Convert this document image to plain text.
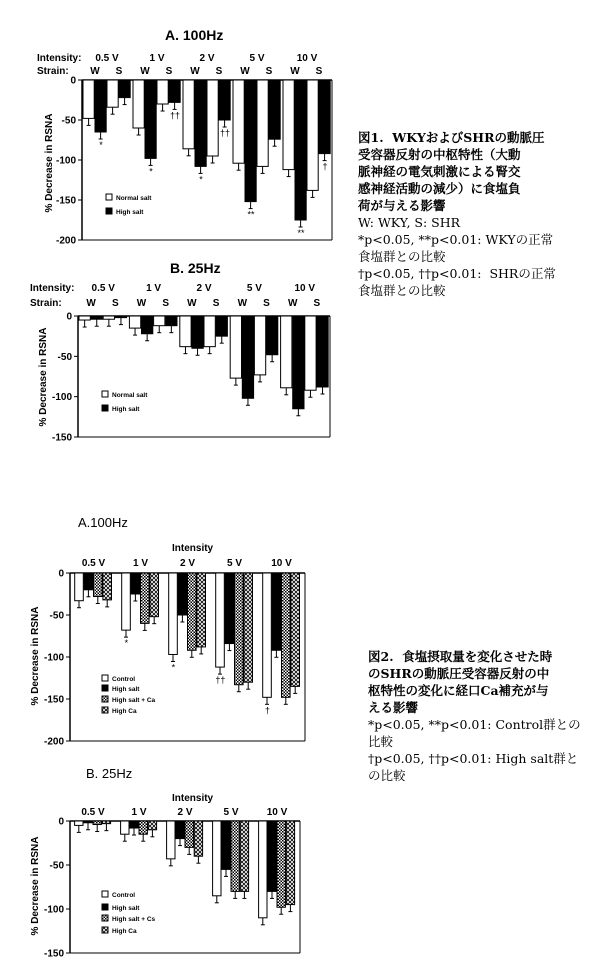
A. 100Hz
Intensity:
Strain:
% Decrease in RSNA
0
-50
-100
-150
-200
0.5 V
W
*
S
1 V
W
*
S
††
2 V
W
*
S
††
5 V
W
**
S
10 V
W
**
S
†
Normal salt
High salt
B. 25Hz
Intensity:
Strain:
% Decrease in RSNA
0
-50
-100
-150
0.5 V
W S
1 V
W S
2 V
W S
5 V
W S
10 V
W S
Normal salt
High salt
A.100Hz
Intensity
% Decrease in RSNA
0
-50
-100
-150
-200
0.5 V	1 V
*
2 V
*
5 V
††
10 V
†
Control
High salt
High salt + Ca
High Ca
B. 25Hz
Intensity
% Decrease in RSNA
0
-50
-100
-150
0.5 V	1 V	2 V	5 V	10 V
Control
High salt
High salt + Cs
High Ca
図1.  WKYおよびSHRの動脈圧
受容器反射の中枢特性（大動
脈神経の電気刺激による腎交
感神経活動の減少）に食塩負
荷が与える影響
W: WKY, S: SHR
*p<0.05, **p<0.01: WKYの正常
食塩群との比較
†p<0.05, ††p<0.01:  SHRの正常
食塩群との比較
図2.  食塩摂取量を変化させた時
のSHRの動脈圧受容器反射の中
枢特性の変化に経口Ca補充が与
える影響
*p<0.05, **p<0.01: Control群との
比較
†p<0.05, ††p<0.01: High salt群と
の比較
